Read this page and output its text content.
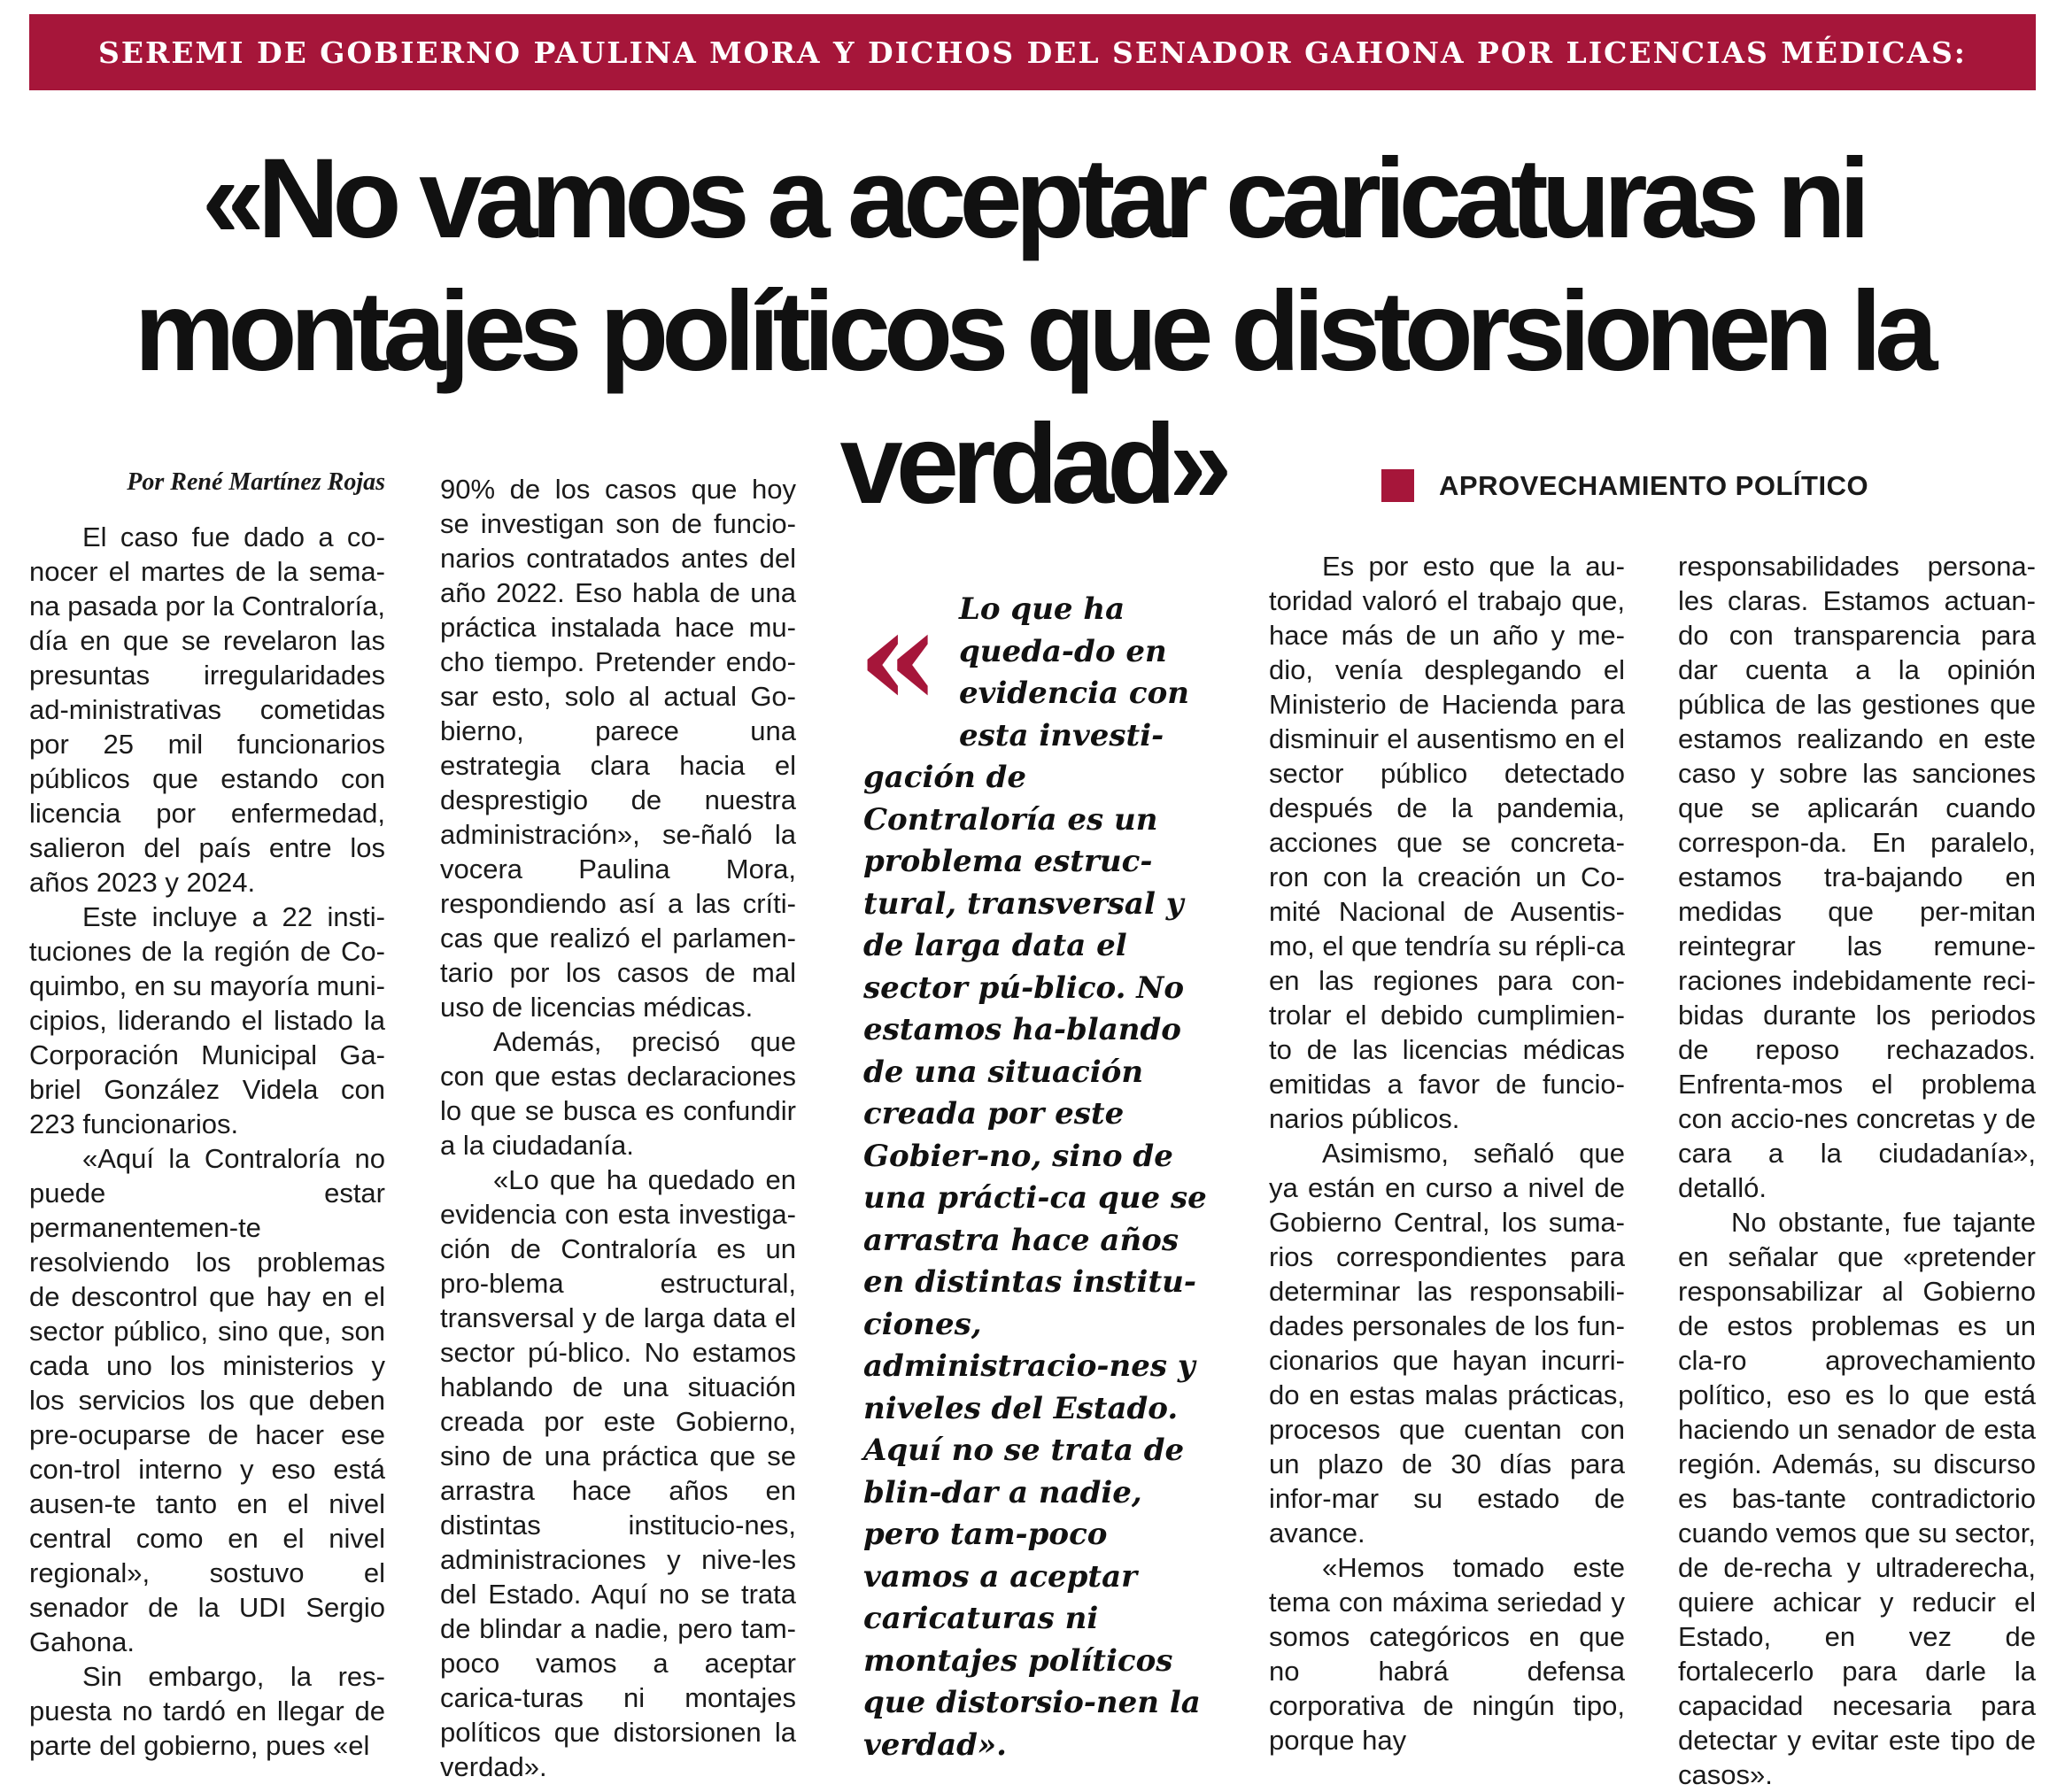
SEREMI DE GOBIERNO PAULINA MORA Y DICHOS DEL SENADOR GAHONA POR LICENCIAS MÉDICAS:
«No vamos a aceptar caricaturas ni
montajes políticos que distorsionen la verdad»
Por René Martínez Rojas

El caso fue dado a co-nocer el martes de la sema-na pasada por la Contraloría, día en que se revelaron las presuntas irregularidades ad-ministrativas cometidas por 25 mil funcionarios públicos que estando con licencia por enfermedad, salieron del país entre los años 2023 y 2024.

Este incluye a 22 insti-tuciones de la región de Co-quimbo, en su mayoría muni-cipios, liderando el listado la Corporación Municipal Ga-briel González Videla con 223 funcionarios.

«Aquí la Contraloría no puede estar permanentemen-te resolviendo los problemas de descontrol que hay en el sector público, sino que, son cada uno los ministerios y los servicios los que deben pre-ocuparse de hacer ese con-trol interno y eso está ausen-te tanto en el nivel central como en el nivel regional», sostuvo el senador de la UDI Sergio Gahona.

Sin embargo, la res-puesta no tardó en llegar de parte del gobierno, pues «el

90% de los casos que hoy se investigan son de funcio-narios contratados antes del año 2022. Eso habla de una práctica instalada hace mu-cho tiempo. Pretender endo-sar esto, solo al actual Go-bierno, parece una estrategia clara hacia el desprestigio de nuestra administración», se-ñaló la vocera Paulina Mora, respondiendo así a las críti-cas que realizó el parlamen-tario por los casos de mal uso de licencias médicas.

Además, precisó que con que estas declaraciones lo que se busca es confundir a la ciudadanía.

«Lo que ha quedado en evidencia con esta investiga-ción de Contraloría es un pro-blema estructural, transversal y de larga data el sector pú-blico. No estamos hablando de una situación creada por este Gobierno, sino de una práctica que se arrastra hace años en distintas institucio-nes, administraciones y nive-les del Estado. Aquí no se trata de blindar a nadie, pero tam-poco vamos a aceptar carica-turas ni montajes políticos que distorsionen la verdad».

« Lo que ha queda-do en evidencia con esta investi-
gación de Contraloría es un problema estruc-tural, transversal y de larga data el sector pú-blico. No estamos ha-blando de una situación creada por este Gobier-no, sino de una prácti-ca que se arrastra hace años en distintas institu-ciones, administracio-nes y niveles del Estado. Aquí no se trata de blin-dar a nadie, pero tam-poco vamos a aceptar caricaturas ni montajes políticos que distorsio-nen la verdad».
APROVECHAMIENTO POLÍTICO

Es por esto que la au-toridad valoró el trabajo que, hace más de un año y me-dio, venía desplegando el Ministerio de Hacienda para disminuir el ausentismo en el sector público detectado después de la pandemia, acciones que se concreta-ron con la creación un Co-mité Nacional de Ausentis-mo, el que tendría su répli-ca en las regiones para con-trolar el debido cumplimien-to de las licencias médicas emitidas a favor de funcio-narios públicos.

Asimismo, señaló que ya están en curso a nivel de Gobierno Central, los suma-rios correspondientes para determinar las responsabili-dades personales de los fun-cionarios que hayan incurri-do en estas malas prácticas, procesos que cuentan con un plazo de 30 días para infor-mar su estado de avance.

«Hemos tomado este tema con máxima seriedad y somos categóricos en que no habrá defensa corporativa de ningún tipo, porque hay

responsabilidades persona-les claras. Estamos actuan-do con transparencia para dar cuenta a la opinión pública de las gestiones que estamos realizando en este caso y sobre las sanciones que se aplicarán cuando correspon-da. En paralelo, estamos tra-bajando en medidas que per-mitan reintegrar las remune-raciones indebidamente reci-bidas durante los periodos de reposo rechazados. Enfrenta-mos el problema con accio-nes concretas y de cara a la ciudadanía», detalló.

No obstante, fue tajante en señalar que «pretender responsabilizar al Gobierno de estos problemas es un cla-ro aprovechamiento político, eso es lo que está haciendo un senador de esta región. Además, su discurso es bas-tante contradictorio cuando vemos que su sector, de de-recha y ultraderecha, quiere achicar y reducir el Estado, en vez de fortalecerlo para darle la capacidad necesaria para detectar y evitar este tipo de casos».
